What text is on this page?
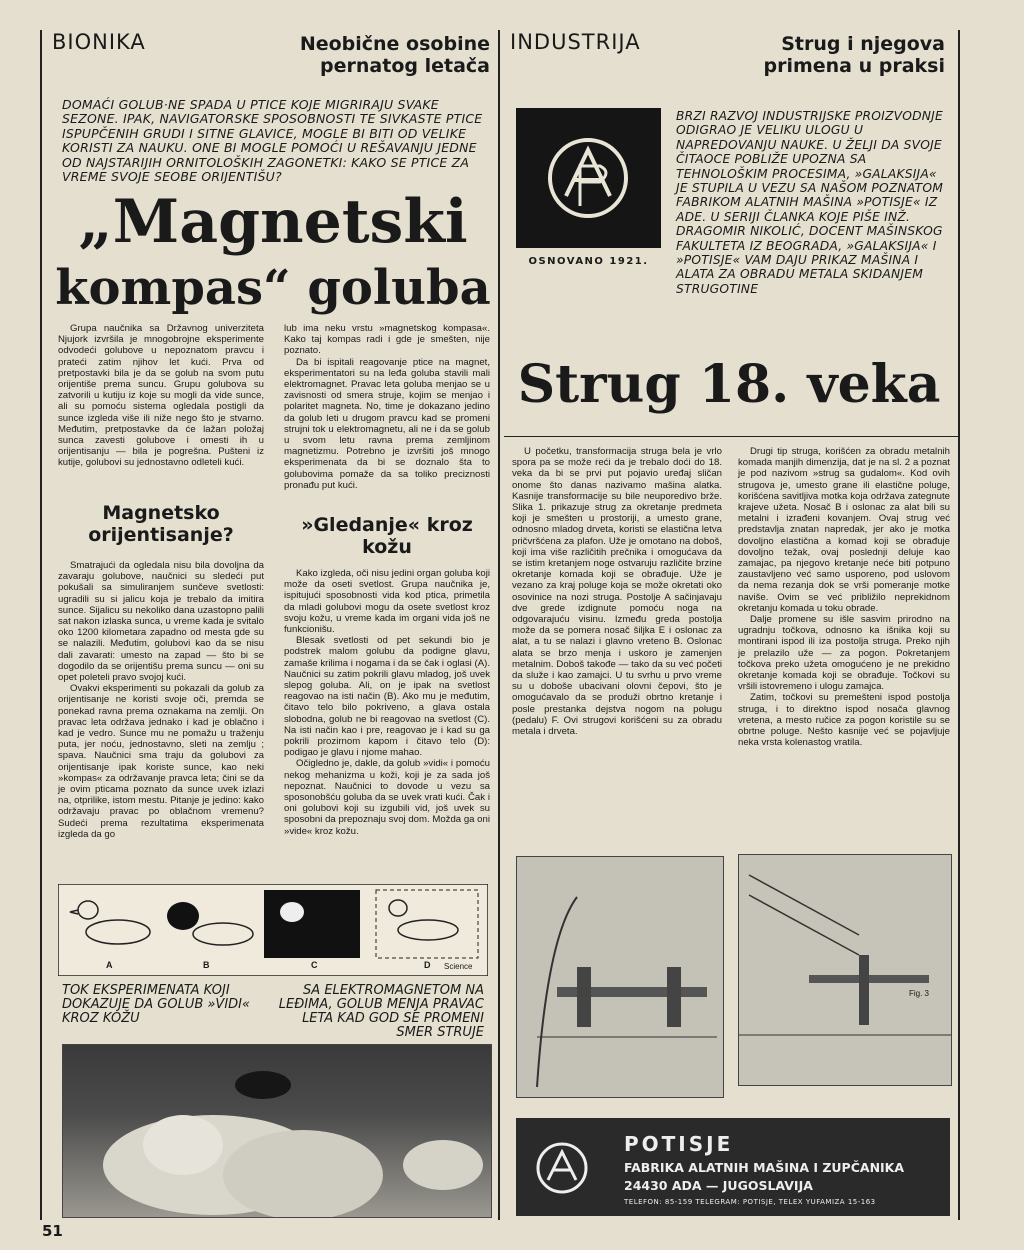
BIONIKA	Neobične osobine pernatog letača
DOMAĆI GOLUB·NE SPADA U PTICE KOJE MIGRIRAJU SVAKE SEZONE. IPAK, NAVIGATORSKE SPOSOBNOSTI TE SIVKASTE PTICE ISPUPČENIH GRUDI I SITNE GLAVICE, MOGLE BI BITI OD VELIKE KORISTI ZA NAUKU. ONE BI MOGLE POMOĆI U REŠAVANJU JEDNE OD NAJSTARIJIH ORNITOLOŠKIH ZAGONETKI: KAKO SE PTICE ZA VREME SVOJE SEOBE ORIJENTIŠU?
„Magnetski
kompas“ goluba

Grupa naučnika sa Državnog univerziteta Njujork izvršila je mnogobrojne eksperimente odvodeći golubove u nepoznatom pravcu i prateći zatim njihov let kući. Prva od pretpostavki bila je da se golub na svom putu orijentiše prema suncu. Grupu golubova su zatvorili u kutiju iz koje su mogli da vide sunce, ali su pomoću sistema ogledala postigli da sunce izgleda više ili niže nego što je stvarno. Međutim, pretpostavke da će lažan položaj sunca zavesti golubove i omesti ih u orijentisanju — bila je pogrešna. Pušteni iz kutije, golubovi su jednostavno odleteli kući.

Magnetsko orijentisanje?

Smatrajući da ogledala nisu bila dovoljna da zavaraju golubove, naučnici su sledeći put pokušali sa simuliranjem sunčeve svetlosti: ugradili su si jalicu koja je trebalo da imitira sunce. Sijalicu su nekoliko dana uzastopno palili sat nakon izlaska sunca, u vreme kada je svitalo oko 1200 kilometara zapadno od mesta gde su se nalazili. Međutim, golubovi kao da se nisu dali zavarati: umesto na zapad — što bi se dogodilo da se orijentišu prema suncu — oni su opet poleteli pravo svojoj kući.

Ovakvi eksperimenti su pokazali da golub za orijentisanje ne koristi svoje oči, premda se ponekad ravna prema oznakama na zemlji. On pravac leta održava jednako i kad je oblačno i kad je vedro. Sunce mu ne pomažu u traženju puta, jer noću, jednostavno, sleti na zemlju ; spava. Naučnici sma traju da golubovi za orijentisanje ipak koriste sunce, kao neki »kompas« za održavanje pravca leta; čini se da je ovim pticama poznato da sunce uvek izlazi na, otprilike, istom mestu. Pitanje je jedino: kako održavaju pravac po oblačnom vremenu? Sudeći prema rezultatima eksperimenata izgleda da go

lub ima neku vrstu »magnetskog kompasa«. Kako taj kompas radi i gde je smešten, nije poznato.

Da bi ispitali reagovanje ptice na magnet, eksperimentatori su na leđa goluba stavili mali elektromagnet. Pravac leta goluba menjao se u zavisnosti od smera struje, kojim se menjao i polaritet magneta. No, time je dokazano jedino da golub leti u drugom pravcu kad se promeni strujni tok u elektromagnetu, ali ne i da se golub u svom letu ravna prema zemljinom magnetizmu. Potrebno je izvršiti još mnogo eksperimenata da bi se doznalo šta to golubovima pomaže da sa toliko preciznosti pronađu put kući.

»Gledanje« kroz kožu

Kako izgleda, oči nisu jedini organ goluba koji može da oseti svetlost. Grupa naučnika je, ispitujući sposobnosti vida kod ptica, primetila da mladi golubovi mogu da osete svetlost kroz svoju kožu, u vreme kada im organi vida još ne funkcionišu.

Blesak svetlosti od pet sekundi bio je podstrek malom golubu da podigne glavu, zamaše krilima i nogama i da se čak i oglasi (A). Naučnici su zatim pokrili glavu mladog, još uvek slepog goluba. Ali, on je ipak na svetlost reagovao na isti način (B). Ako mu je međutim, čitavo telo bilo pokriveno, a glava ostala slobodna, golub ne bi reagovao na svetlost (C). Na isti način kao i pre, reagovao je i kad su ga pokrili prozirnom kapom i čitavo telo (D): podigao je glavu i njome mahao.

Očigledno je, dakle, da golub »vidi« i pomoću nekog mehanizma u koži, koji je za sada još nepoznat. Naučnici to dovode u vezu sa sposonobšću goluba da se uvek vrati kući. Čak i oni golubovi koji su izgubili vid, još uvek su sposobni da prepoznaju svoj dom. Možda ga oni »vide« kroz kožu.

A	B	C	D Science
TOK EKSPERIMENATA KOJI DOKAZUJE DA GOLUB »VIDI« KROZ KOŽU
SA ELEKTROMAGNETOM NA LEĐIMA, GOLUB MENJA PRAVAC LETA KAD GOD SE PROMENI SMER STRUJE
51
INDUSTRIJA	Strug i njegova primena u praksi
OSNOVANO 1921.
BRZI RAZVOJ INDUSTRIJSKE PROIZVODNJE ODIGRAO JE VELIKU ULOGU U NAPREDOVANJU NAUKE. U ŽELJI DA SVOJE ČITAOCE POBLIŽE UPOZNA SA TEHNOLOŠKIM PROCESIMA, »GALAKSIJA« JE STUPILA U VEZU SA NAŠOM POZNATOM FABRIKOM ALATNIH MAŠINA »POTISJE« IZ ADE. U SERIJI ČLANKA KOJE PIŠE INŽ. DRAGOMIR NIKOLIĆ, DOCENT MAŠINSKOG FAKULTETA IZ BEOGRADA, »GALAKSIJA« I »POTISJE« VAM DAJU PRIKAZ MAŠINA I ALATA ZA OBRADU METALA SKIDANJEM STRUGOTINE
Strug 18. veka

U početku, transformacija struga bela je vrlo spora pa se može reći da je trebalo doći do 18. veka da bi se prvi put pojavio uređaj sličan onome što danas nazivamo mašina alatka. Kasnije transformacije su bile neuporedivo brže. Slika 1. prikazuje strug za okretanje predmeta koji je smešten u prostoriji, a umesto grane, odnosno mladog drveta, koristi se elastična letva pričvršćena za plafon. Uže je omotano na doboš, koji ima više različitih prečnika i omogućava da se istim kretanjem noge ostvaruju različite brzine okretanje komada koji se obrađuje. Uže je vezano za kraj poluge koja se može okretati oko osovinice na nozi struga. Postolje A sačinjavaju dve grede izdignute pomoću noga na odgovarajuću visinu. Između greda postolja može da se pomera nosač šiljka E i oslonac za alat, a tu se nalazi i glavno vreteno B. Oslonac alata se brzo menja i uskoro je zamenjen metalnim. Doboš takođe — tako da su već početi da služe i kao zamajci. U tu svrhu u prvo vreme su u doboše ubacivani olovni čepovi, što je omogućavalo da se produži obrtno kretanje i posle prestanka dejstva nogom na polugu (pedalu) F. Ovi strugovi korišćeni su za obradu metala i drveta.

Drugi tip struga, korišćen za obradu metalnih komada manjih dimenzija, dat je na sl. 2 a poznat je pod nazivom »strug sa gudalom«. Kod ovih strugova je, umesto grane ili elastične poluge, korišćena savitljiva motka koja održava zategnute krajeve užeta. Nosač B i oslonac za alat bili su metalni i izrađeni kovanjem. Ovaj strug već predstavlja znatan napredak, jer ako je motka dovoljno elastična a komad koji se obrađuje dovoljno težak, ovaj poslednji deluje kao zamajac, pa njegovo kretanje neće biti potpuno zaustavljeno već samo usporeno, pod uslovom da nema rezanja dok se vrši pomeranje motke naviše. Ovim se već približilo neprekidnom okretanju komada u toku obrade.

Dalje promene su išle sasvim prirodno na ugradnju točkova, odnosno ka išnika koji su montirani ispod ili iza postolja struga. Preko njih je prelazilo uže — za pogon. Pokretanjem točkova preko užeta omogućeno je ne prekidno okretanje komada koji se obrađuje. Točkovi su vršili istovremeno i ulogu zamajca.

Zatim, točkovi su premešteni ispod postolja struga, i to direktno ispod nosača glavnog vretena, a mesto ručice za pogon koristile su se obrtne poluge. Nešto kasnije već se pojavljuje neka vrsta kolenastog vratila.

Fig. 3
POTISJE
FABRIKA ALATNIH MAŠINA I ZUPČANIKA
24430 ADA — JUGOSLAVIJA
TELEFON: 85-159 TELEGRAM: POTISJE, TELEX YUFAMIZA 15-163
